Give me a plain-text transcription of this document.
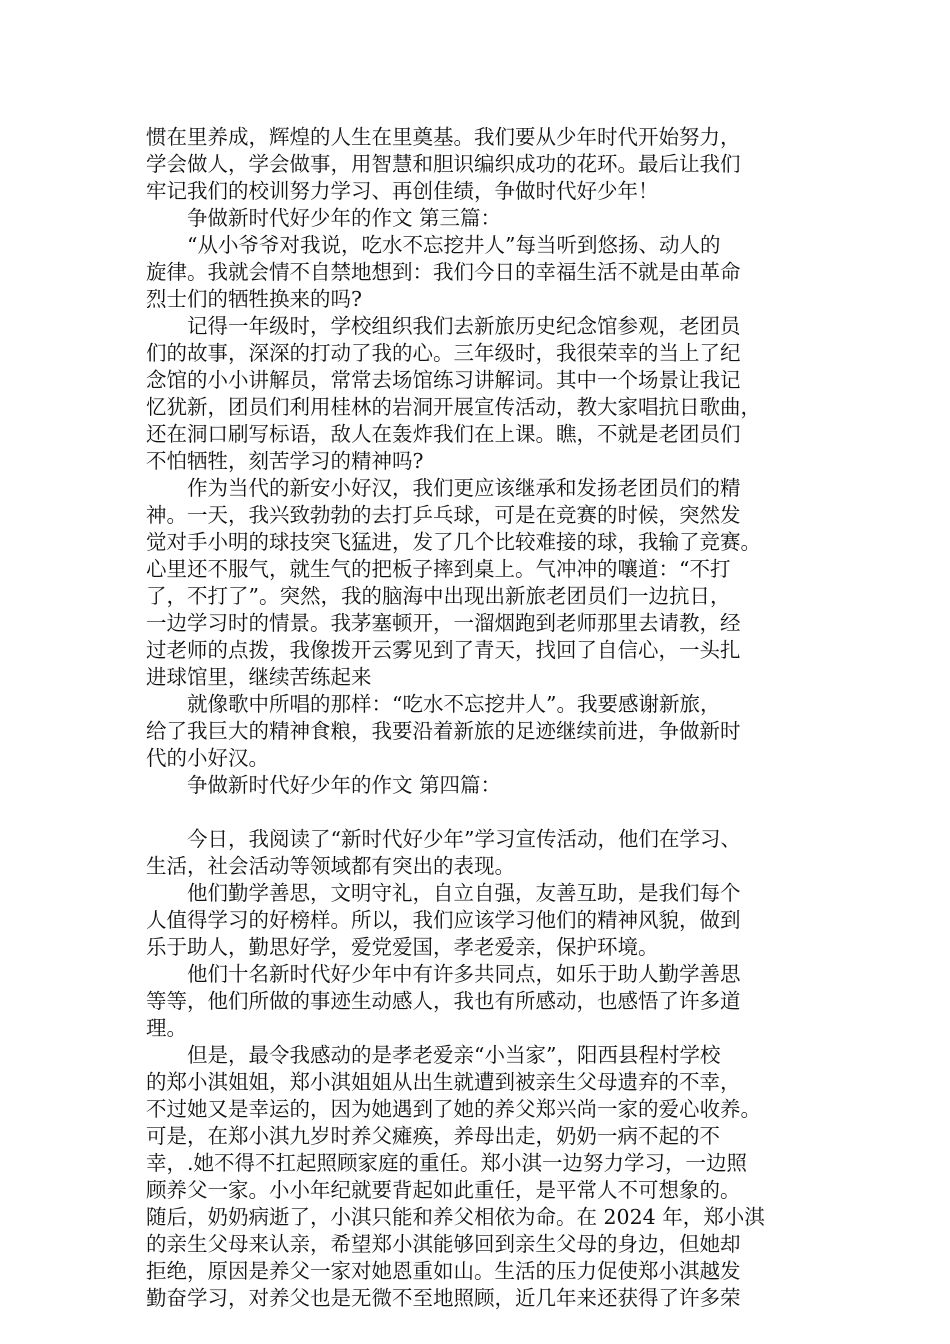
惯在里养成，辉煌的人生在里奠基。我们要从少年时代开始努力，
学会做人，学会做事，用智慧和胆识编织成功的花环。最后让我们
牢记我们的校训努力学习、再创佳绩，争做时代好少年！
　　争做新时代好少年的作文 第三篇：
　　“从小爷爷对我说，吃水不忘挖井人”每当听到悠扬、动人的
旋律。我就会情不自禁地想到：我们今日的幸福生活不就是由革命
烈士们的牺牲换来的吗?
　　记得一年级时，学校组织我们去新旅历史纪念馆参观，老团员
们的故事，深深的打动了我的心。三年级时，我很荣幸的当上了纪
念馆的小小讲解员，常常去场馆练习讲解词。其中一个场景让我记
忆犹新，团员们利用桂林的岩洞开展宣传活动，教大家唱抗日歌曲，
还在洞口刷写标语，敌人在轰炸我们在上课。瞧，不就是老团员们
不怕牺牲，刻苦学习的精神吗?
　　作为当代的新安小好汉，我们更应该继承和发扬老团员们的精
神。一天，我兴致勃勃的去打乒乓球，可是在竞赛的时候，突然发
觉对手小明的球技突飞猛进，发了几个比较难接的球，我输了竞赛。
心里还不服气，就生气的把板子摔到桌上。气冲冲的嚷道：“不打
了，不打了”。突然，我的脑海中出现出新旅老团员们一边抗日，
一边学习时的情景。我茅塞顿开，一溜烟跑到老师那里去请教，经
过老师的点拨，我像拨开云雾见到了青天，找回了自信心，一头扎
进球馆里，继续苦练起来
　　就像歌中所唱的那样：“吃水不忘挖井人”。我要感谢新旅，
给了我巨大的精神食粮，我要沿着新旅的足迹继续前进，争做新时
代的小好汉。
　　争做新时代好少年的作文 第四篇：
　　今日，我阅读了“新时代好少年”学习宣传活动，他们在学习、
生活，社会活动等领域都有突出的表现。
　　他们勤学善思，文明守礼，自立自强，友善互助，是我们每个
人值得学习的好榜样。所以，我们应该学习他们的精神风貌，做到
乐于助人，勤思好学，爱党爱国，孝老爱亲，保护环境。
　　他们十名新时代好少年中有许多共同点，如乐于助人勤学善思
等等，他们所做的事迹生动感人，我也有所感动，也感悟了许多道
理。
　　但是，最令我感动的是孝老爱亲“小当家”，阳西县程村学校
的郑小淇姐姐，郑小淇姐姐从出生就遭到被亲生父母遗弃的不幸，
不过她又是幸运的，因为她遇到了她的养父郑兴尚一家的爱心收养。
可是，在郑小淇九岁时养父瘫痪，养母出走，奶奶一病不起的不
幸，.她不得不扛起照顾家庭的重任。郑小淇一边努力学习，一边照
顾养父一家。小小年纪就要背起如此重任，是平常人不可想象的。
随后，奶奶病逝了，小淇只能和养父相依为命。在 2024 年，郑小淇
的亲生父母来认亲，希望郑小淇能够回到亲生父母的身边，但她却
拒绝，原因是养父一家对她恩重如山。生活的压力促使郑小淇越发
勤奋学习，对养父也是无微不至地照顾，近几年来还获得了许多荣
